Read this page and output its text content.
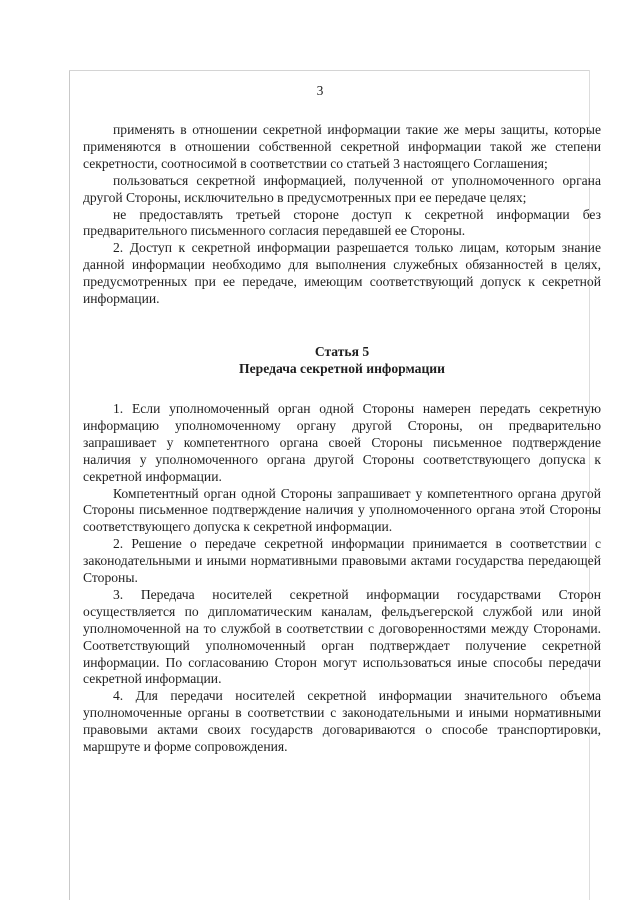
3

применять в отношении секретной информации такие же меры защиты, которые применяются в отношении собственной секретной информации такой же степени секретности, соотносимой в соответствии со статьей 3 настоящего Соглашения;

пользоваться секретной информацией, полученной от уполномоченного органа другой Стороны, исключительно в предусмотренных при ее передаче целях;

не предоставлять третьей стороне доступ к секретной информации без предварительного письменного согласия передавшей ее Стороны.

2. Доступ к секретной информации разрешается только лицам, которым знание данной информации необходимо для выполнения служебных обязанностей в целях, предусмотренных при ее передаче, имеющим соответствующий допуск к секретной информации.

Статья 5
Передача секретной информации

1. Если уполномоченный орган одной Стороны намерен передать секретную информацию уполномоченному органу другой Стороны, он предварительно запрашивает у компетентного органа своей Стороны письменное подтверждение наличия у уполномоченного органа другой Стороны соответствующего допуска к секретной информации.

Компетентный орган одной Стороны запрашивает у компетентного органа другой Стороны письменное подтверждение наличия у уполномоченного органа этой Стороны соответствующего допуска к секретной информации.

2. Решение о передаче секретной информации принимается в соответствии с законодательными и иными нормативными правовыми актами государства передающей Стороны.

3. Передача носителей секретной информации государствами Сторон осуществляется по дипломатическим каналам, фельдъегерской службой или иной уполномоченной на то службой в соответствии с договоренностями между Сторонами. Соответствующий уполномоченный орган подтверждает получение секретной информации. По согласованию Сторон могут использоваться иные способы передачи секретной информации.

4. Для передачи носителей секретной информации значительного объема уполномоченные органы в соответствии с законодательными и иными нормативными правовыми актами своих государств договариваются о способе транспортировки, маршруте и форме сопровождения.
